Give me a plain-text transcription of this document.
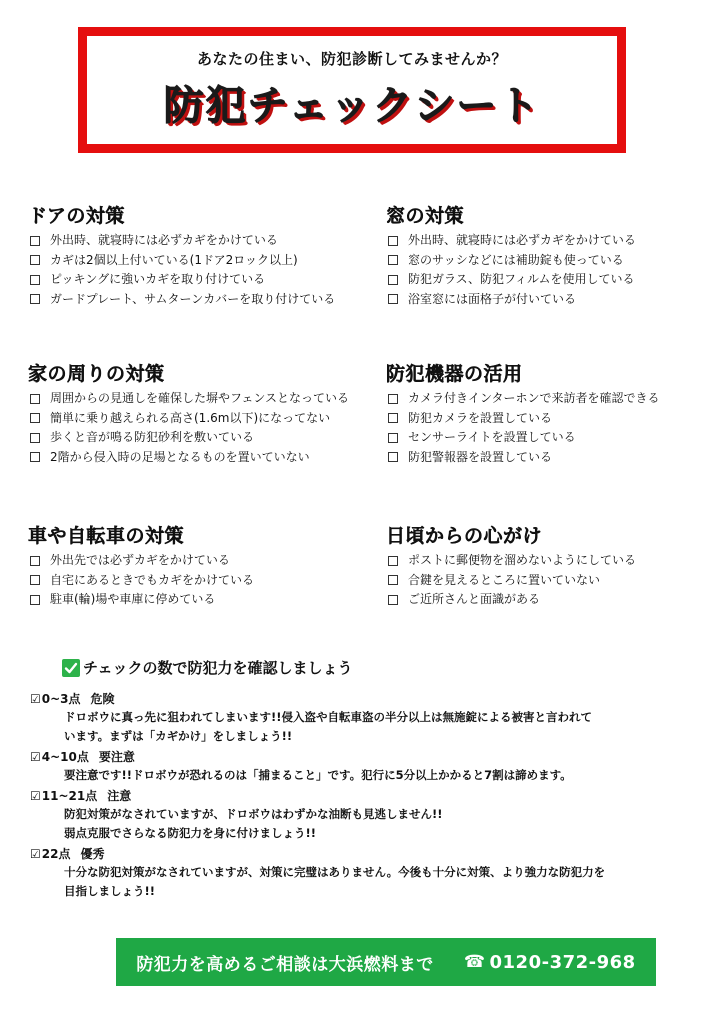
あなたの住まい、防犯診断してみませんか？
防犯チェックシート
ドアの対策
外出時、就寝時には必ずカギをかけている
カギは2個以上付いている(1ドア2ロック以上)
ピッキングに強いカギを取り付けている
ガードプレート、サムターンカバーを取り付けている
窓の対策
外出時、就寝時には必ずカギをかけている
窓のサッシなどには補助錠も使っている
防犯ガラス、防犯フィルムを使用している
浴室窓には面格子が付いている
家の周りの対策
周囲からの見通しを確保した塀やフェンスとなっている
簡単に乗り越えられる高さ(1.6m以下)になってない
歩くと音が鳴る防犯砂利を敷いている
2階から侵入時の足場となるものを置いていない
防犯機器の活用
カメラ付きインターホンで来訪者を確認できる
防犯カメラを設置している
センサーライトを設置している
防犯警報器を設置している
車や自転車の対策
外出先では必ずカギをかけている
自宅にあるときでもカギをかけている
駐車(輪)場や車庫に停めている
日頃からの心がけ
ポストに郵便物を溜めないようにしている
合鍵を見えるところに置いていない
ご近所さんと面識がある
チェックの数で防犯力を確認しましょう
☑0~3点 危険
ドロボウに真っ先に狙われてしまいます!!侵入盗や自転車盗の半分以上は無施錠による被害と言われて
います。まずは「カギかけ」をしましょう!!
☑4~10点 要注意
要注意です!!ドロボウが恐れるのは「捕まること」です。犯行に5分以上かかると7割は諦めます。
☑11~21点 注意
防犯対策がなされていますが、ドロボウはわずかな油断も見逃しません!!
弱点克服でさらなる防犯力を身に付けましょう!!
☑22点 優秀
十分な防犯対策がなされていますが、対策に完璧はありません。今後も十分に対策、より強力な防犯力を
目指しましょう!!
防犯力を高めるご相談は大浜燃料まで ☎ 0120-372-968
